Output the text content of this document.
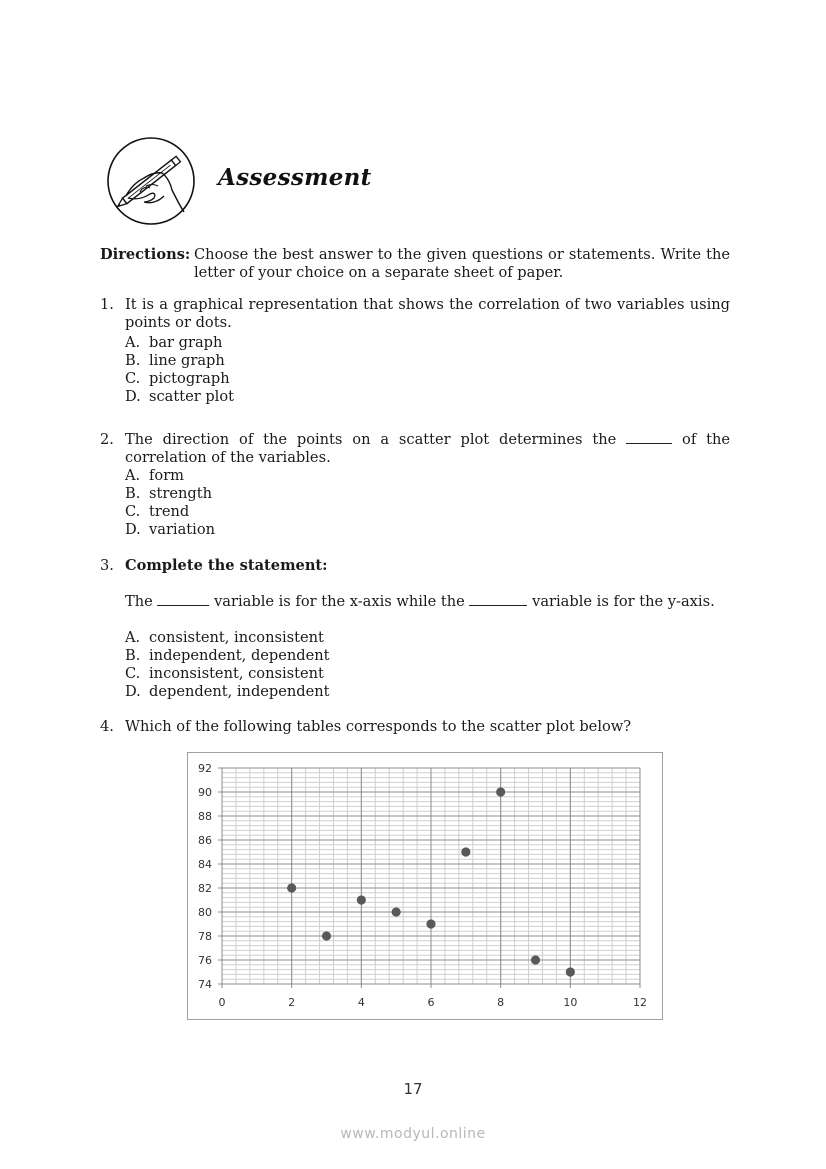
Assessment
Directions: Choose the best answer to the given questions or statements. Write the letter of your choice on a separate sheet of paper.
1. It is a graphical representation that shows the correlation of two variables using points or dots.
A. bar graph
B. line graph
C. pictograph
D. scatter plot
2. The direction of the points on a scatter plot determines the	of the correlation of the variables.
A. form
B. strength
C. trend
D. variation
3. Complete the statement:
The	variable is for the x-axis while the	variable is for the y-axis.
A. consistent, inconsistent
B. independent, dependent
C. inconsistent, consistent
D. dependent, independent
4. Which of the following tables corresponds to the scatter plot below?
0	2	4	6	8	10	12
74
76
78
80
82
84
86
88
90
92
17
www.modyul.online
